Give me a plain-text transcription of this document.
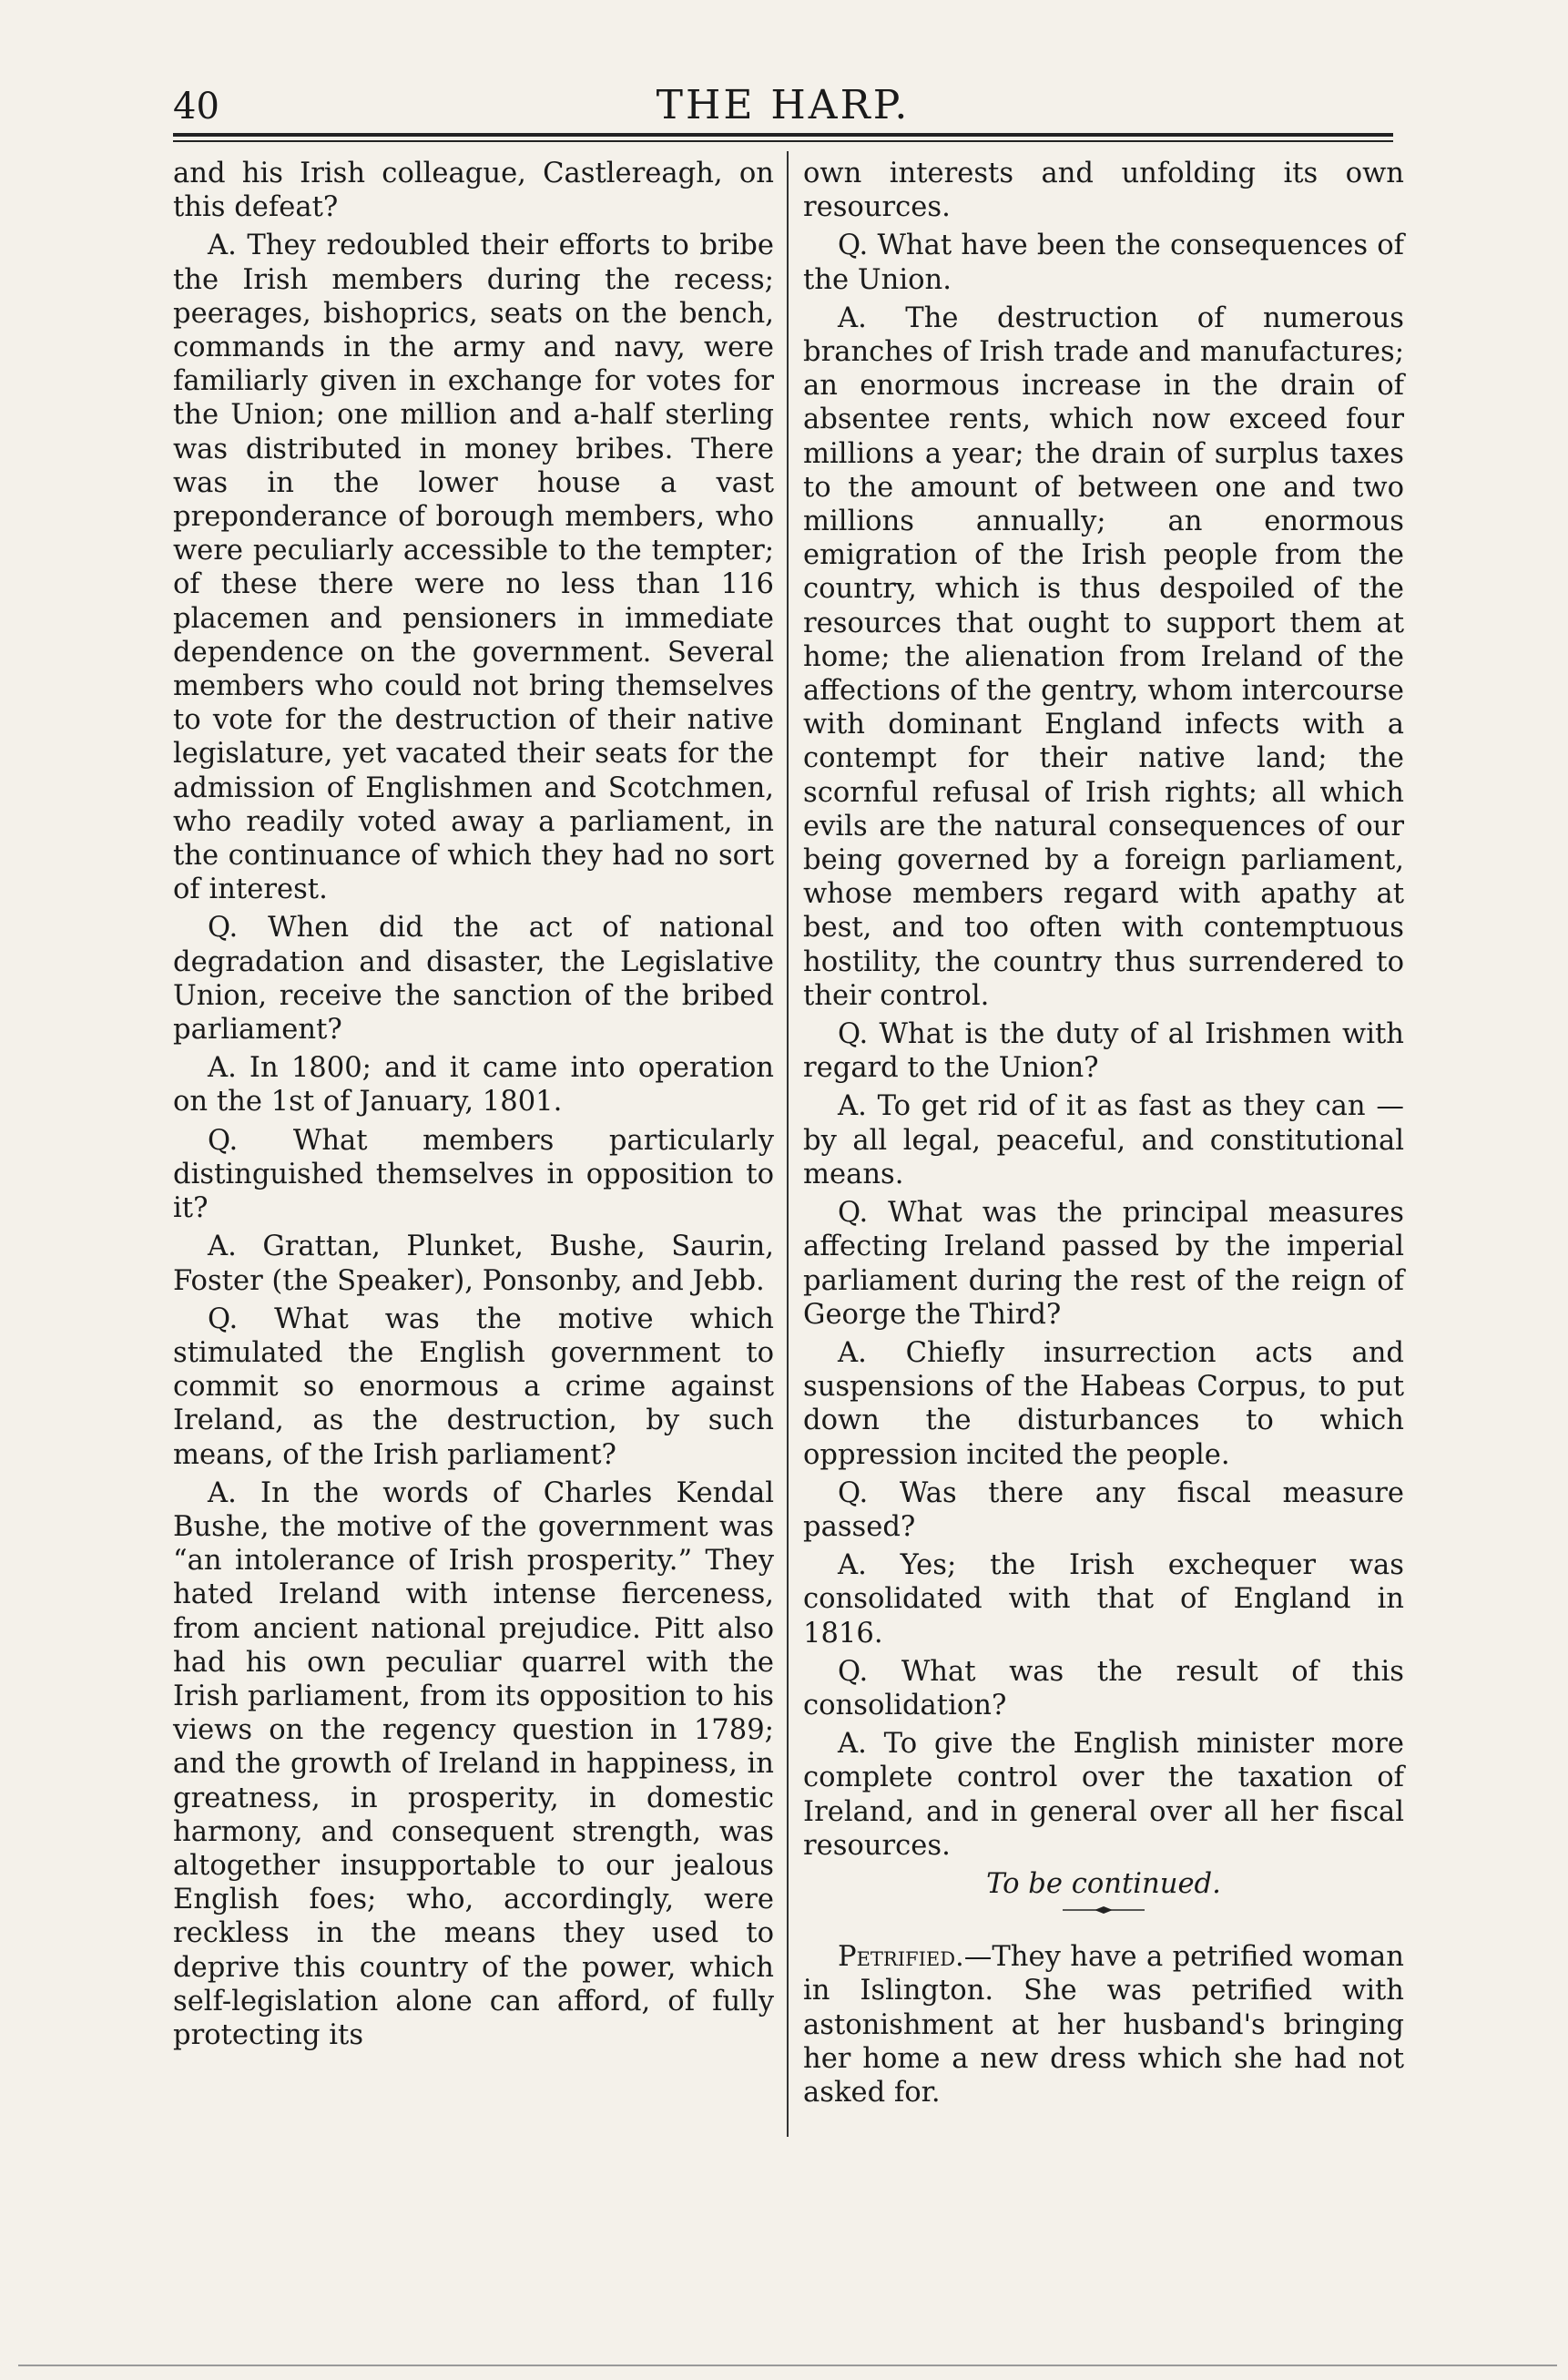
40	THE HARP.

and his Irish colleague, Castlereagh, on this defeat?

A. They redoubled their efforts to bribe the Irish members during the recess; peerages, bishoprics, seats on the bench, commands in the army and navy, were familiarly given in exchange for votes for the Union; one million and a-half sterling was distributed in money bribes. There was in the lower house a vast preponderance of borough members, who were peculiarly accessible to the tempter; of these there were no less than 116 placemen and pensioners in immediate dependence on the government. Several members who could not bring themselves to vote for the destruction of their native legislature, yet vacated their seats for the admission of Englishmen and Scotchmen, who readily voted away a parliament, in the continuance of which they had no sort of interest.

Q. When did the act of national degradation and disaster, the Legislative Union, receive the sanction of the bribed parliament?

A. In 1800; and it came into operation on the 1st of January, 1801.

Q. What members particularly distinguished themselves in opposition to it?

A. Grattan, Plunket, Bushe, Saurin, Foster (the Speaker), Ponsonby, and Jebb.

Q. What was the motive which stimulated the English government to commit so enormous a crime against Ireland, as the destruction, by such means, of the Irish parliament?

A. In the words of Charles Kendal Bushe, the motive of the government was “an intolerance of Irish prosperity.” They hated Ireland with intense fierceness, from ancient national prejudice. Pitt also had his own peculiar quarrel with the Irish parliament, from its opposition to his views on the regency question in 1789; and the growth of Ireland in happiness, in greatness, in prosperity, in domestic harmony, and consequent strength, was altogether insupportable to our jealous English foes; who, accordingly, were reckless in the means they used to deprive this country of the power, which self-legislation alone can afford, of fully protecting its

own interests and unfolding its own resources.

Q. What have been the consequences of the Union.

A. The destruction of numerous branches of Irish trade and manufactures; an enormous increase in the drain of absentee rents, which now exceed four millions a year; the drain of surplus taxes to the amount of between one and two millions annually; an enormous emigration of the Irish people from the country, which is thus despoiled of the resources that ought to support them at home; the alienation from Ireland of the affections of the gentry, whom intercourse with dominant England infects with a contempt for their native land; the scornful refusal of Irish rights; all which evils are the natural consequences of our being governed by a foreign parliament, whose members regard with apathy at best, and too often with contemptuous hostility, the country thus surrendered to their control.

Q. What is the duty of al Irishmen with regard to the Union?

A. To get rid of it as fast as they can —by all legal, peaceful, and constitutional means.

Q. What was the principal measures affecting Ireland passed by the imperial parliament during the rest of the reign of George the Third?

A. Chiefly insurrection acts and suspensions of the Habeas Corpus, to put down the disturbances to which oppression incited the people.

Q. Was there any fiscal measure passed?

A. Yes; the Irish exchequer was consolidated with that of England in 1816.

Q. What was the result of this consolidation?

A. To give the English minister more complete control over the taxation of Ireland, and in general over all her fiscal resources.

To be continued.

Petrified.—They have a petrified woman in Islington. She was petrified with astonishment at her husband's bringing her home a new dress which she had not asked for.
